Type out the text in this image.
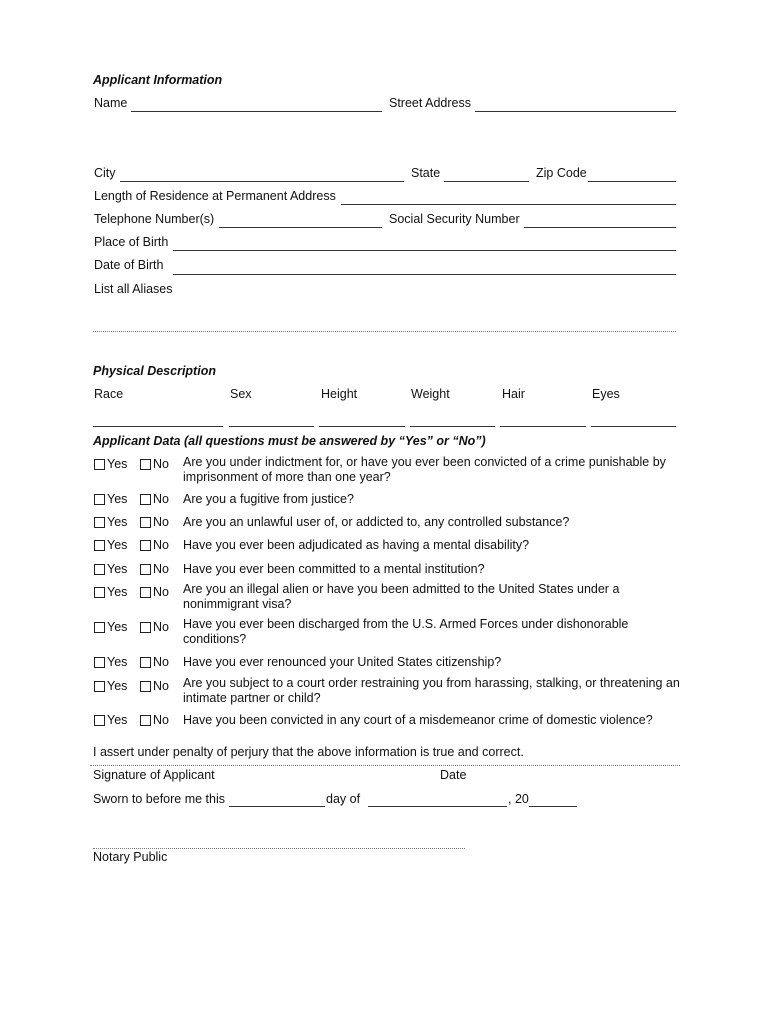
Applicant Information
Name	Street Address
City	State	Zip Code
Length of Residence at Permanent Address
Telephone Number(s)	Social Security Number
Place of Birth
Date of Birth
List all Aliases
Physical Description
Race	Sex	Height	Weight	Hair	Eyes
Applicant Data (all questions must be answered by “Yes” or “No”)
Yes No Are you under indictment for, or have you ever been convicted of a crime punishable by imprisonment of more than one year?
Yes No Are you a fugitive from justice?
Yes No Are you an unlawful user of, or addicted to, any controlled substance?
Yes No Have you ever been adjudicated as having a mental disability?
Yes No Have you ever been committed to a mental institution?
Yes No Are you an illegal alien or have you been admitted to the United States under a nonimmigrant visa?
Yes No Have you ever been discharged from the U.S. Armed Forces under dishonorable conditions?
Yes No Have you ever renounced your United States citizenship?
Yes No Are you subject to a court order restraining you from harassing, stalking, or threatening an intimate partner or child?
Yes No Have you been convicted in any court of a misdemeanor crime of domestic violence?
I assert under penalty of perjury that the above information is true and correct.
Signature of Applicant	Date
Sworn to before me this	day of	, 20
Notary Public
